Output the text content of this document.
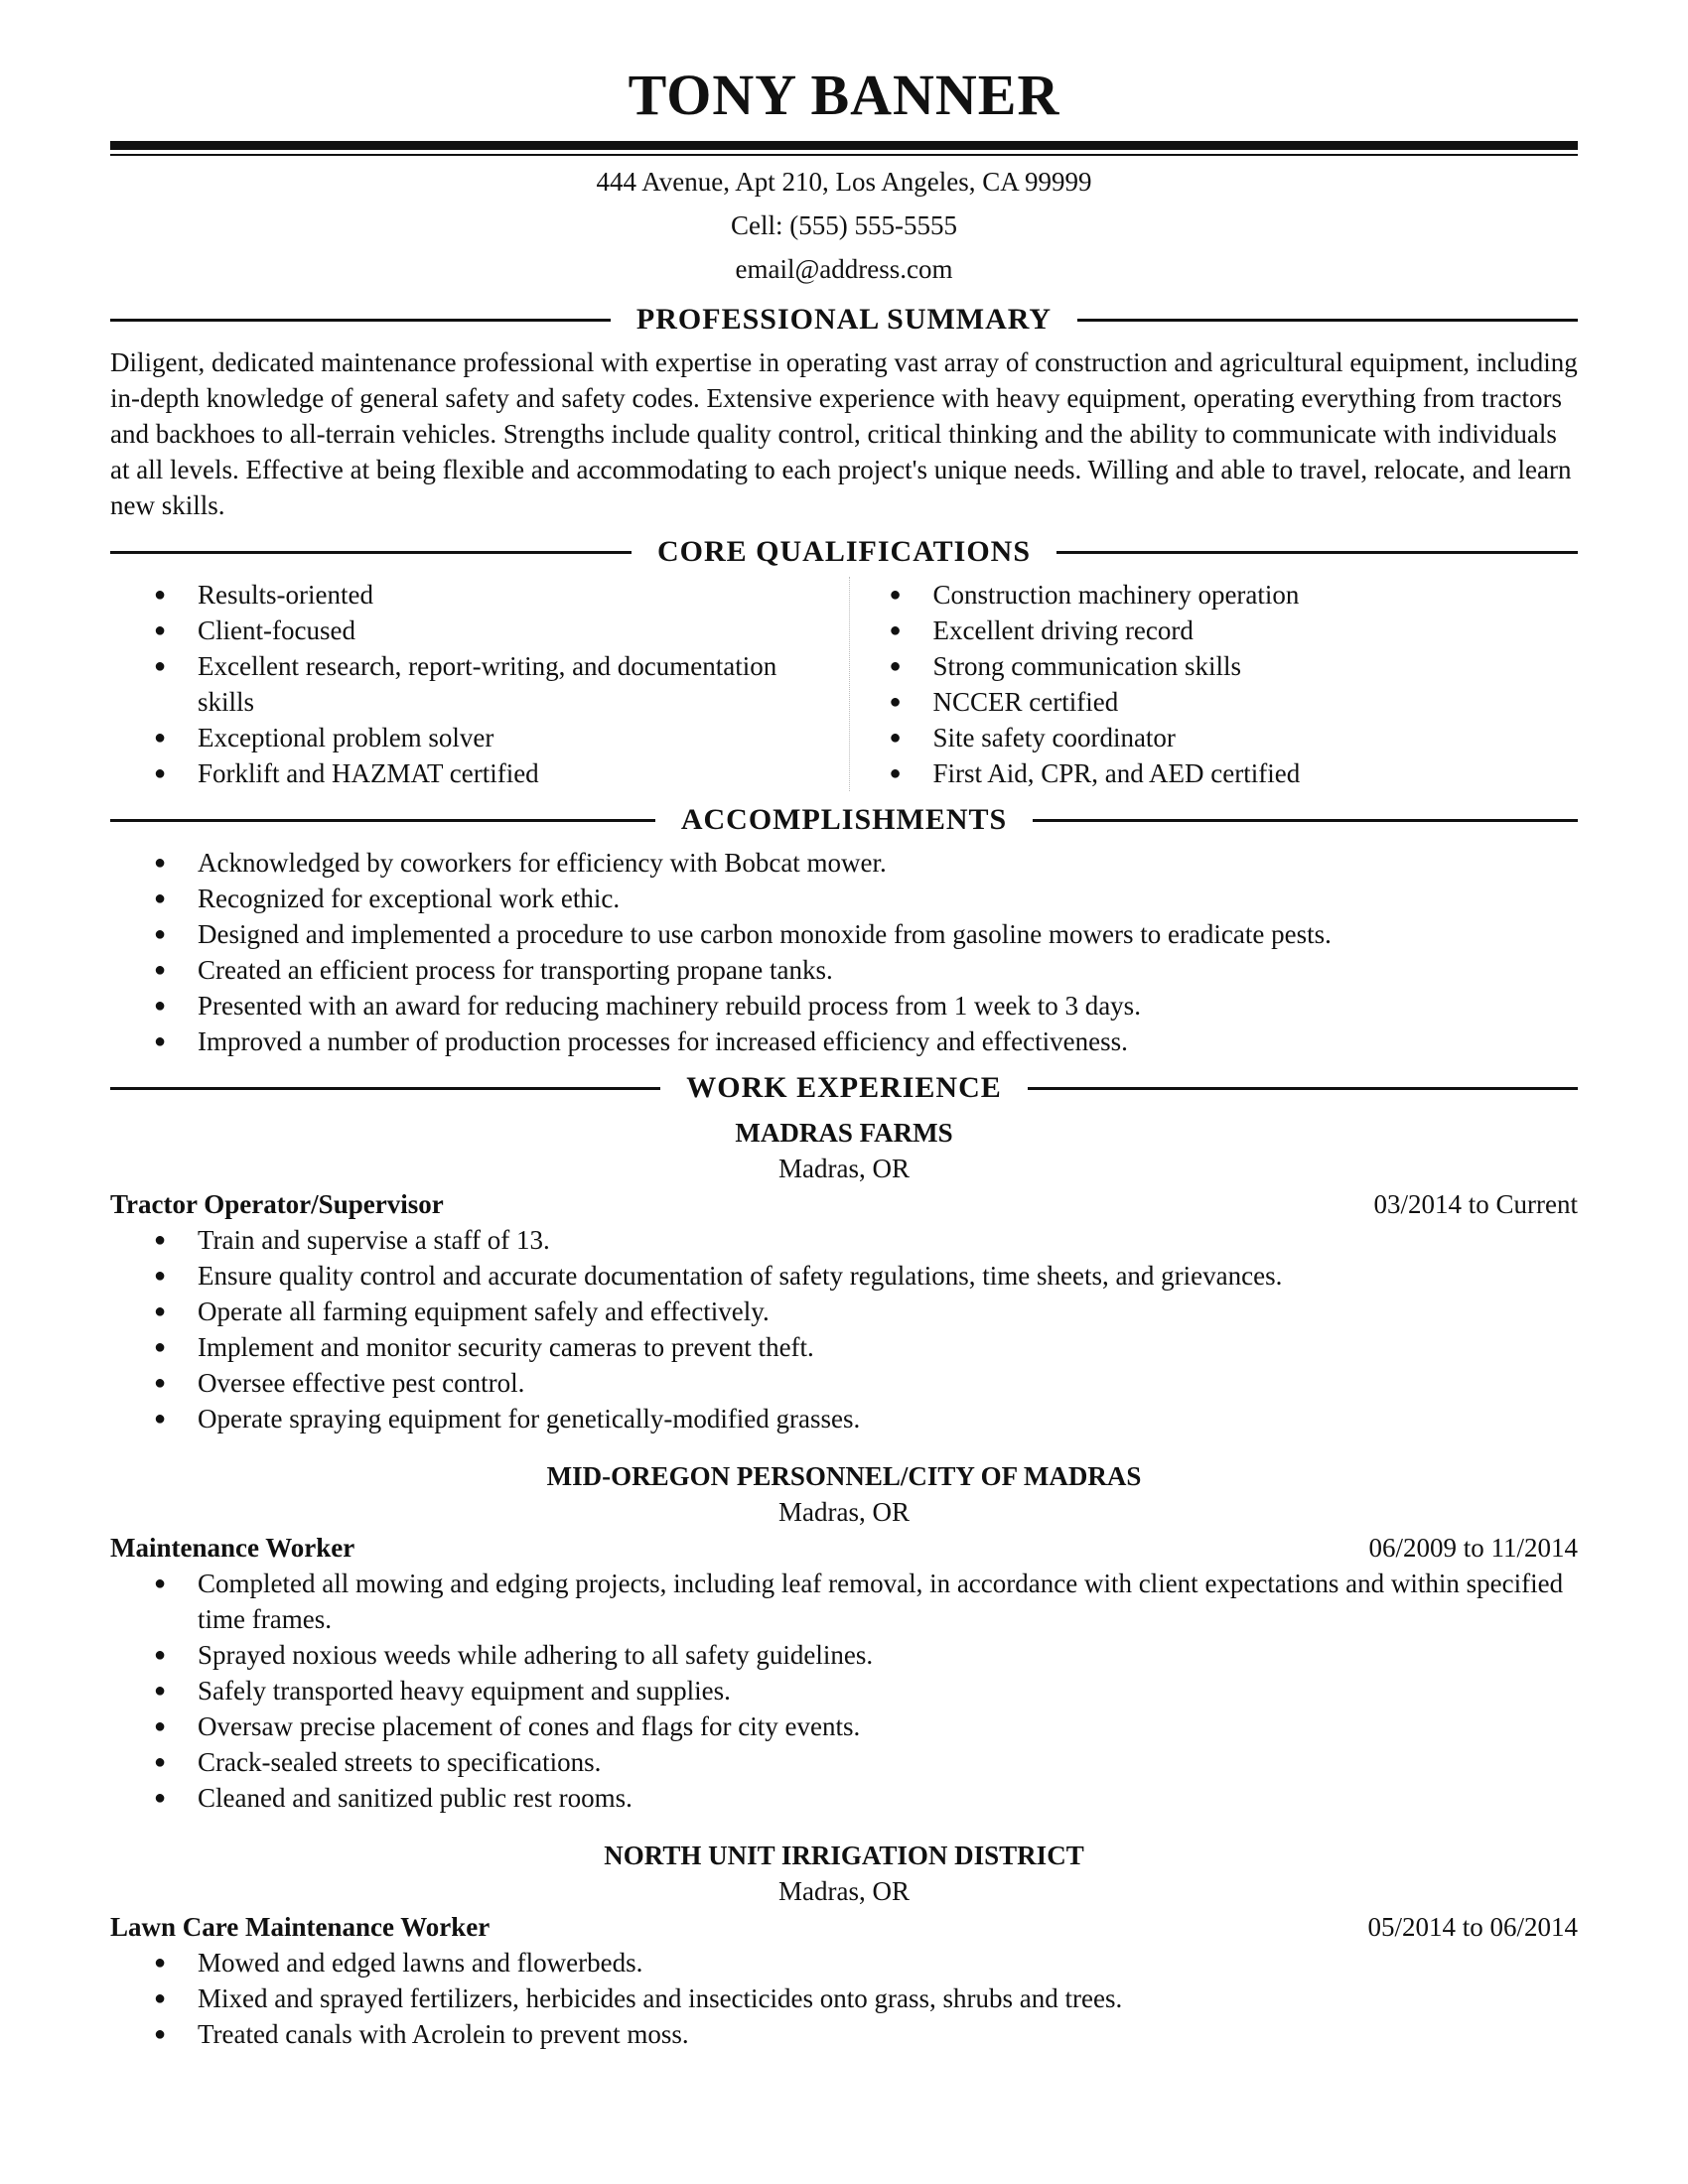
TONY BANNER
444 Avenue, Apt 210, Los Angeles, CA 99999
Cell: (555) 555-5555
email@address.com
PROFESSIONAL SUMMARY

Diligent, dedicated maintenance professional with expertise in operating vast array of construction and agricultural equipment, including in-depth knowledge of general safety and safety codes. Extensive experience with heavy equipment, operating everything from tractors and backhoes to all-terrain vehicles. Strengths include quality control, critical thinking and the ability to communicate with individuals at all levels. Effective at being flexible and accommodating to each project's unique needs. Willing and able to travel, relocate, and learn new skills.

CORE QUALIFICATIONS
● Results-oriented
● Client-focused
● Excellent research, report-writing, and documentation skills
● Exceptional problem solver
● Forklift and HAZMAT certified
● Construction machinery operation
● Excellent driving record
● Strong communication skills
● NCCER certified
● Site safety coordinator
● First Aid, CPR, and AED certified
ACCOMPLISHMENTS
● Acknowledged by coworkers for efficiency with Bobcat mower.
● Recognized for exceptional work ethic.
● Designed and implemented a procedure to use carbon monoxide from gasoline mowers to eradicate pests.
● Created an efficient process for transporting propane tanks.
● Presented with an award for reducing machinery rebuild process from 1 week to 3 days.
● Improved a number of production processes for increased efficiency and effectiveness.
WORK EXPERIENCE
MADRAS FARMS
Madras, OR
Tractor Operator/Supervisor	03/2014 to Current
● Train and supervise a staff of 13.
● Ensure quality control and accurate documentation of safety regulations, time sheets, and grievances.
● Operate all farming equipment safely and effectively.
● Implement and monitor security cameras to prevent theft.
● Oversee effective pest control.
● Operate spraying equipment for genetically-modified grasses.
MID-OREGON PERSONNEL/CITY OF MADRAS
Madras, OR
Maintenance Worker	06/2009 to 11/2014
● Completed all mowing and edging projects, including leaf removal, in accordance with client expectations and within specified time frames.
● Sprayed noxious weeds while adhering to all safety guidelines.
● Safely transported heavy equipment and supplies.
● Oversaw precise placement of cones and flags for city events.
● Crack-sealed streets to specifications.
● Cleaned and sanitized public rest rooms.
NORTH UNIT IRRIGATION DISTRICT
Madras, OR
Lawn Care Maintenance Worker	05/2014 to 06/2014
● Mowed and edged lawns and flowerbeds.
● Mixed and sprayed fertilizers, herbicides and insecticides onto grass, shrubs and trees.
● Treated canals with Acrolein to prevent moss.
